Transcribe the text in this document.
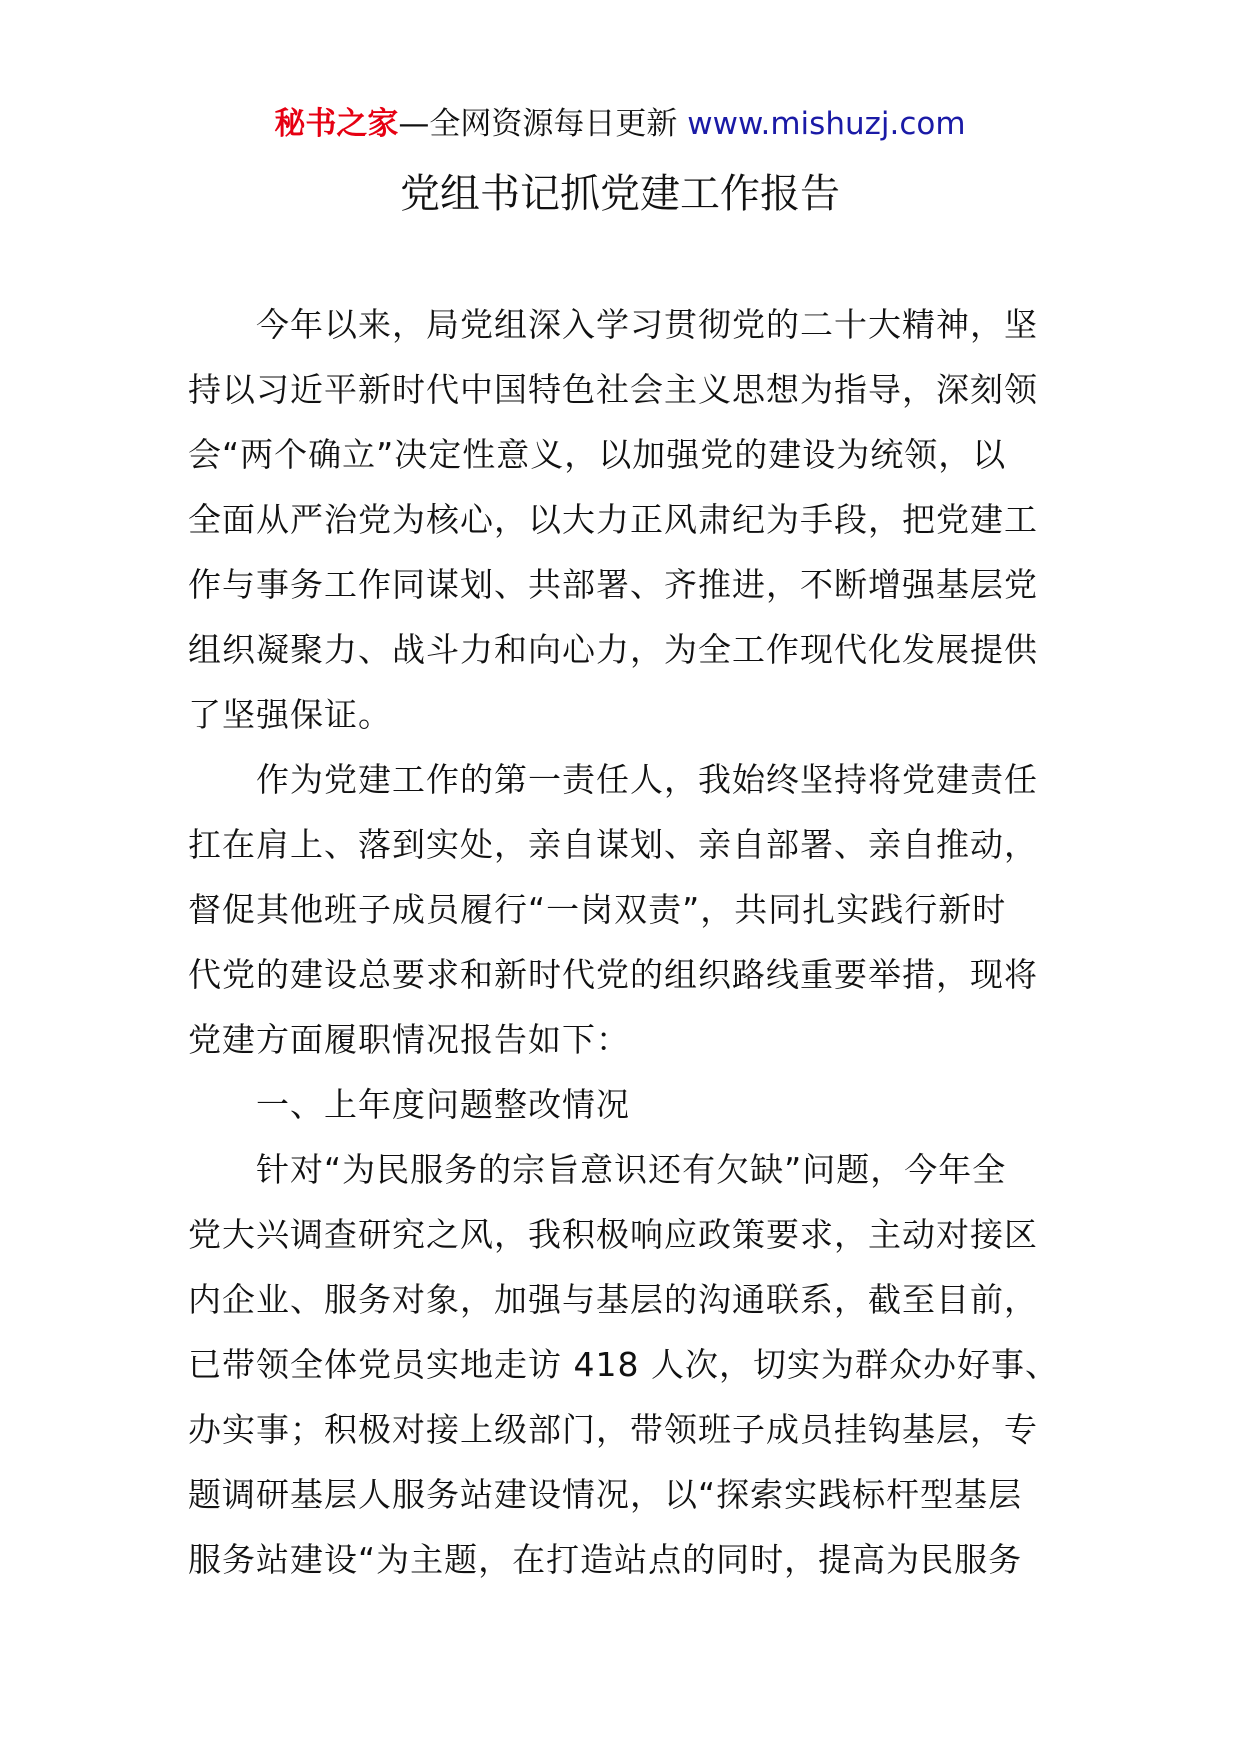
秘书之家—全网资源每日更新 www.mishuzj.com
党组书记抓党建工作报告
今年以来，局党组深入学习贯彻党的二十大精神，坚
持以习近平新时代中国特色社会主义思想为指导，深刻领
会“两个确立”决定性意义，以加强党的建设为统领，以
全面从严治党为核心，以大力正风肃纪为手段，把党建工
作与事务工作同谋划、共部署、齐推进，不断增强基层党
组织凝聚力、战斗力和向心力，为全工作现代化发展提供
了坚强保证。
作为党建工作的第一责任人，我始终坚持将党建责任
扛在肩上、落到实处，亲自谋划、亲自部署、亲自推动，
督促其他班子成员履行“一岗双责”，共同扎实践行新时
代党的建设总要求和新时代党的组织路线重要举措，现将
党建方面履职情况报告如下：
一、上年度问题整改情况
针对“为民服务的宗旨意识还有欠缺”问题，今年全
党大兴调查研究之风，我积极响应政策要求，主动对接区
内企业、服务对象，加强与基层的沟通联系，截至目前，
已带领全体党员实地走访 418 人次，切实为群众办好事、
办实事；积极对接上级部门，带领班子成员挂钩基层，专
题调研基层人服务站建设情况，以“探索实践标杆型基层
服务站建设“为主题，在打造站点的同时，提高为民服务
